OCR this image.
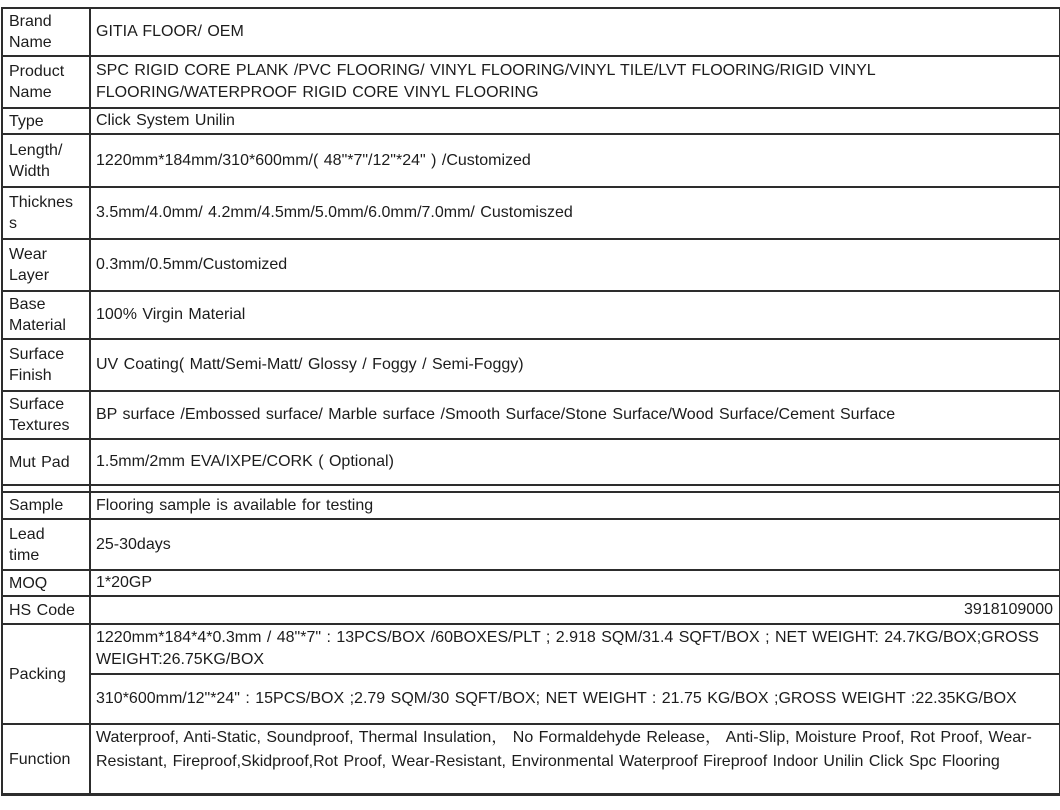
Brand Name	GITIA FLOOR/ OEM
Product Name	SPC RIGID CORE PLANK /PVC FLOORING/ VINYL FLOORING/VINYL TILE/LVT FLOORING/RIGID VINYL FLOORING/WATERPROOF RIGID CORE VINYL FLOORING
Type	Click System Unilin
Length/Width	1220mm*184mm/310*600mm/( 48"*7"/12"*24" ) /Customized
Thickness	3.5mm/4.0mm/ 4.2mm/4.5mm/5.0mm/6.0mm/7.0mm/ Customiszed
Wear Layer	0.3mm/0.5mm/Customized
Base Material	100% Virgin Material
Surface Finish	UV Coating( Matt/Semi-Matt/ Glossy / Foggy / Semi-Foggy)
Surface Textures	BP surface /Embossed surface/ Marble surface /Smooth Surface/Stone Surface/Wood Surface/Cement Surface
Mut Pad	1.5mm/2mm EVA/IXPE/CORK ( Optional)

Sample	Flooring sample is available for testing
Lead time	25-30days
MOQ	1*20GP
HS Code	3918109000
Packing	1220mm*184*4*0.3mm / 48"*7" : 13PCS/BOX /60BOXES/PLT ; 2.918 SQM/31.4 SQFT/BOX ; NET WEIGHT: 24.7KG/BOX;GROSS WEIGHT:26.75KG/BOX
	310*600mm/12"*24" : 15PCS/BOX ;2.79 SQM/30 SQFT/BOX; NET WEIGHT : 21.75 KG/BOX ;GROSS WEIGHT :22.35KG/BOX
Function	Waterproof, Anti-Static, Soundproof, Thermal Insulation， No Formaldehyde Release， Anti-Slip, Moisture Proof, Rot Proof, Wear-Resistant, Fireproof,Skidproof,Rot Proof, Wear-Resistant, Environmental Waterproof Fireproof Indoor Unilin Click Spc Flooring
